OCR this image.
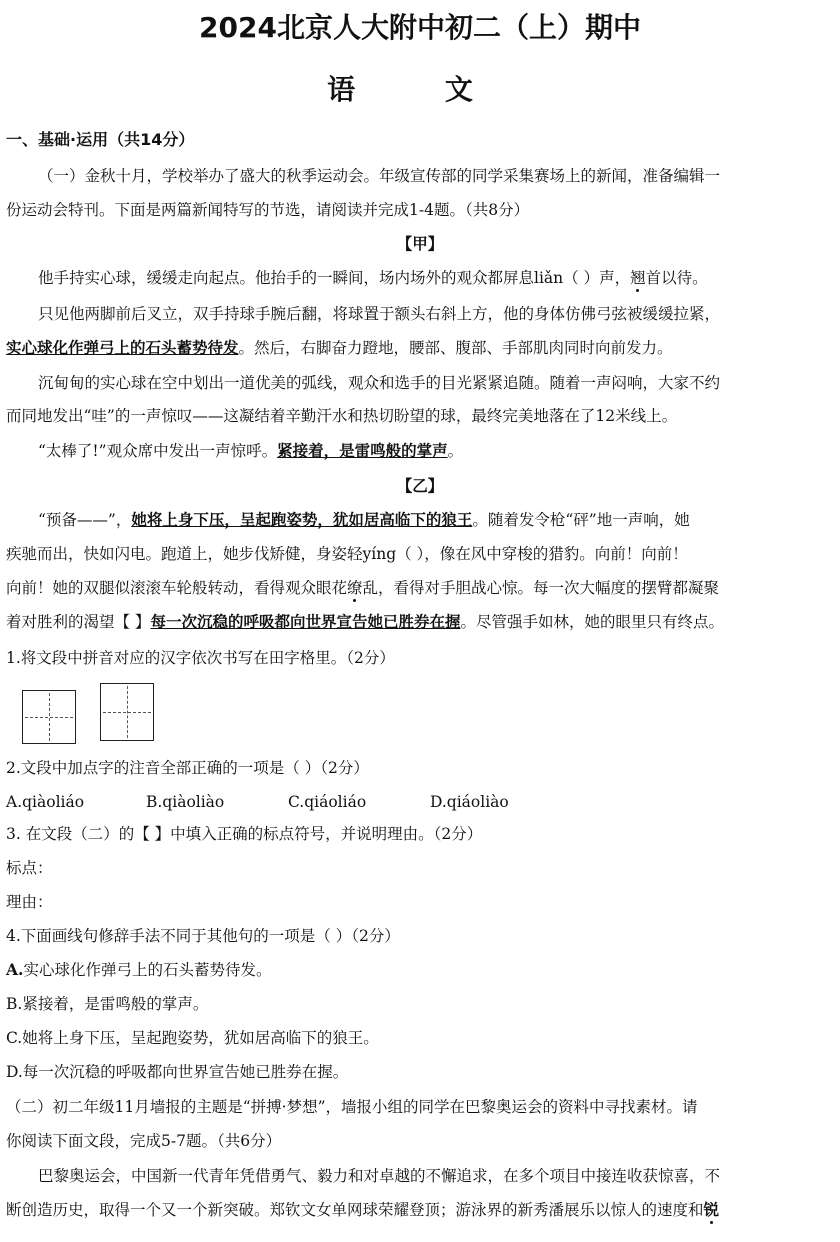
2024北京人大附中初二（上）期中
语 文
一、基础·运用（共14分）
（一）金秋十月，学校举办了盛大的秋季运动会。年级宣传部的同学采集赛场上的新闻，准备编辑一
份运动会特刊。下面是两篇新闻特写的节选，请阅读并完成1-4题。（共8分）
【甲】
他手持实心球，缓缓走向起点。他抬手的一瞬间，场内场外的观众都屏息liǎn（ ）声，翘首以待。
只见他两脚前后叉立，双手持球手腕后翻，将球置于额头右斜上方，他的身体仿佛弓弦被缓缓拉紧，
实心球化作弹弓上的石头蓄势待发。然后，右脚奋力蹬地，腰部、腹部、手部肌肉同时向前发力。
沉甸甸的实心球在空中划出一道优美的弧线，观众和选手的目光紧紧追随。随着一声闷响，大家不约
而同地发出“哇”的一声惊叹——这凝结着辛勤汗水和热切盼望的球，最终完美地落在了12米线上。
“太棒了!”观众席中发出一声惊呼。紧接着，是雷鸣般的掌声。
【乙】
“预备——”，她将上身下压，呈起跑姿势，犹如居高临下的狼王。随着发令枪“砰”地一声响，她
疾驰而出，快如闪电。跑道上，她步伐矫健，身姿轻yíng（ ），像在风中穿梭的猎豹。向前！向前！
向前！她的双腿似滚滚车轮般转动，看得观众眼花缭乱，看得对手胆战心惊。每一次大幅度的摆臂都凝聚
着对胜利的渴望【 】每一次沉稳的呼吸都向世界宣告她已胜券在握。尽管强手如林，她的眼里只有终点。
1.将文段中拼音对应的汉字依次书写在田字格里。（2分）
2.文段中加点字的注音全部正确的一项是（ ）（2分）
A.qiàoliáo	B.qiàoliào	C.qiáoliáo	D.qiáoliào
3. 在文段（二）的【 】中填入正确的标点符号，并说明理由。（2分）
标点：
理由：
4.下面画线句修辞手法不同于其他句的一项是（ ）（2分）
A.实心球化作弹弓上的石头蓄势待发。
B.紧接着，是雷鸣般的掌声。
C.她将上身下压，呈起跑姿势，犹如居高临下的狼王。
D.每一次沉稳的呼吸都向世界宣告她已胜券在握。
（二）初二年级11月墙报的主题是“拼搏·梦想”，墙报小组的同学在巴黎奥运会的资料中寻找素材。请
你阅读下面文段，完成5-7题。（共6分）
巴黎奥运会，中国新一代青年凭借勇气、毅力和对卓越的不懈追求，在多个项目中接连收获惊喜，不
断创造历史，取得一个又一个新突破。郑钦文女单网球荣耀登顶；游泳界的新秀潘展乐以惊人的速度和锐
